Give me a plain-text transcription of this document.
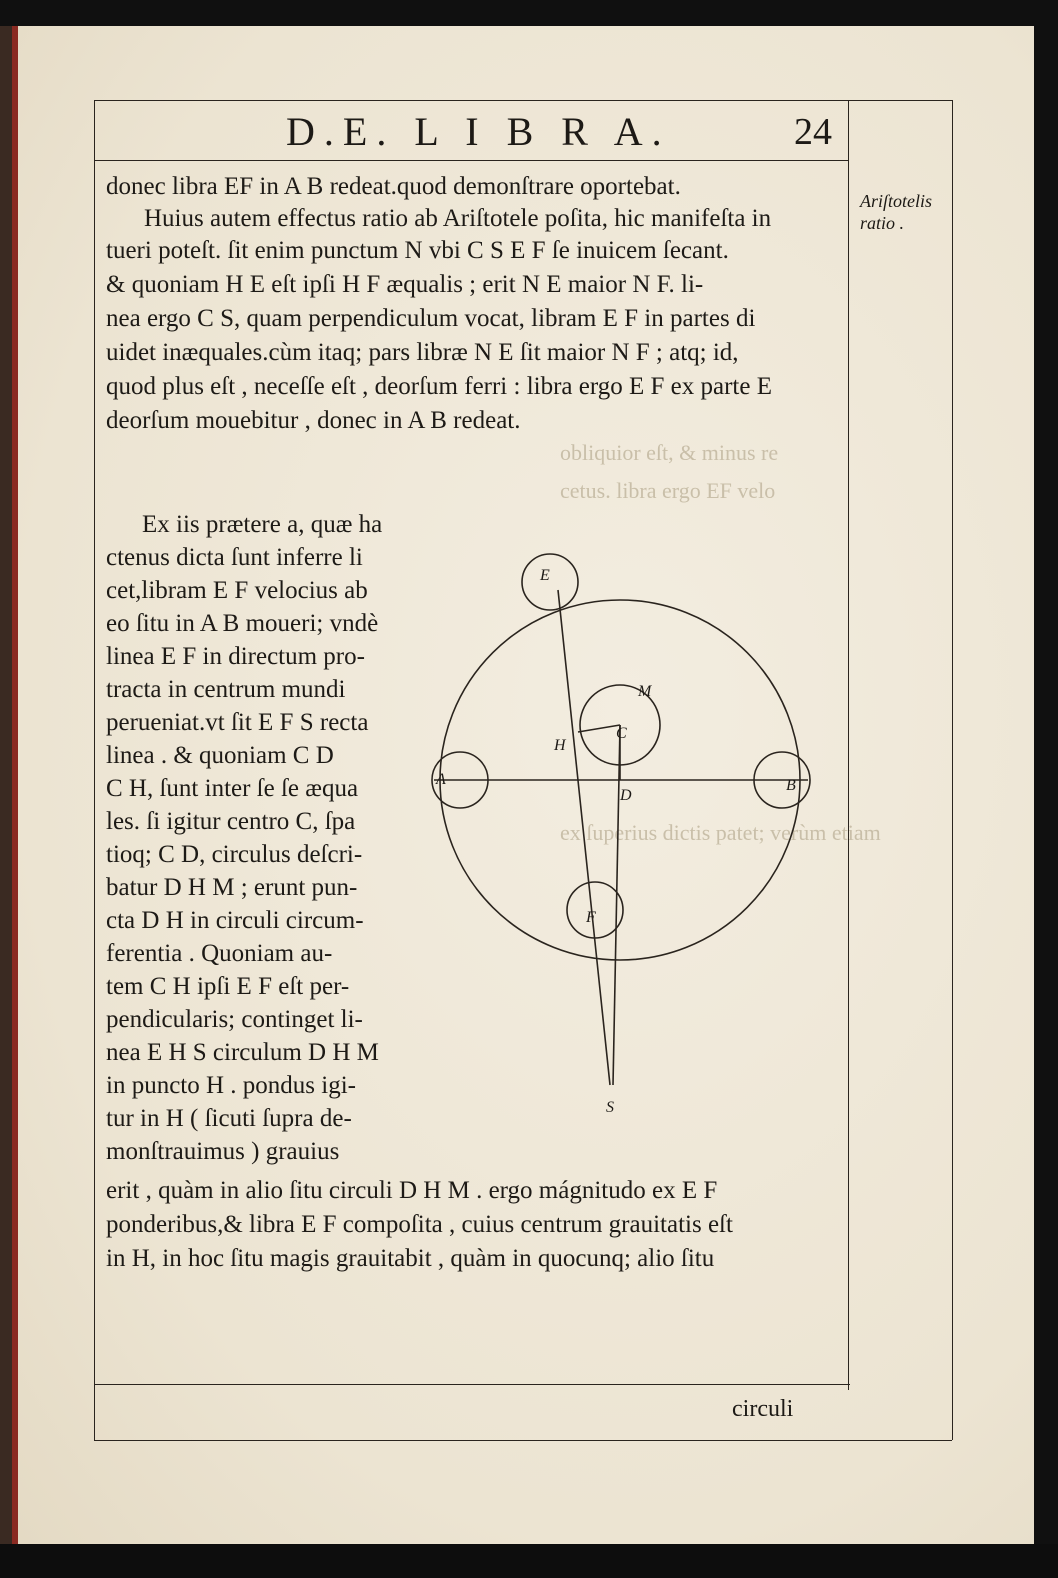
obliquior eſt, & minus re
cetus. libra ergo EF velo
ex ſuperius dictis patet; verùm etiam
D.E. L I B R A.	24
Ariſtotelis
ratio .
donec libra EF in A B redeat.quod demonſtrare oportebat.
Huius autem effectus ratio ab Ariſtotele poſita, hic manifeſta in
tueri poteſt. ſit enim punctum N vbi C S E F ſe inuicem ſecant.
& quoniam H E eſt ipſi H F æqualis ; erit N E maior N F. li-
nea ergo C S, quam perpendiculum vocat, libram E F in partes di
uidet inæquales.cùm itaq; pars libræ N E ſit maior N F ; atq; id,
quod plus eſt , neceſſe eſt , deorſum ferri : libra ergo E F ex parte E
deorſum mouebitur , donec in A B redeat.
Ex iis prætere a, quæ ha
ctenus dicta ſunt inferre li
cet,libram E F velocius ab
eo ſitu in A B moueri; vndè
linea E F in directum pro-
tracta in centrum mundi
perueniat.vt ſit E F S recta
linea . & quoniam C D
C H, ſunt inter ſe ſe æqua
les. ſi igitur centro C, ſpa
tioq; C D, circulus deſcri-
batur D H M ; erunt pun-
cta D H in circuli circum-
ferentia . Quoniam au-
tem C H ipſi E F eſt per-
pendicularis; continget li-
nea E H S circulum D H M
in puncto H . pondus igi-
tur in H ( ſicuti ſupra de-
monſtrauimus ) grauius
erit , quàm in alio ſitu circuli D H M . ergo mágnitudo ex E F
ponderibus,& libra E F compoſita , cuius centrum grauitatis eſt
in H, in hoc ſitu magis grauitabit , quàm in quocunq; alio ſitu
circuli
E
F
A	B
C
D
H
M
S
